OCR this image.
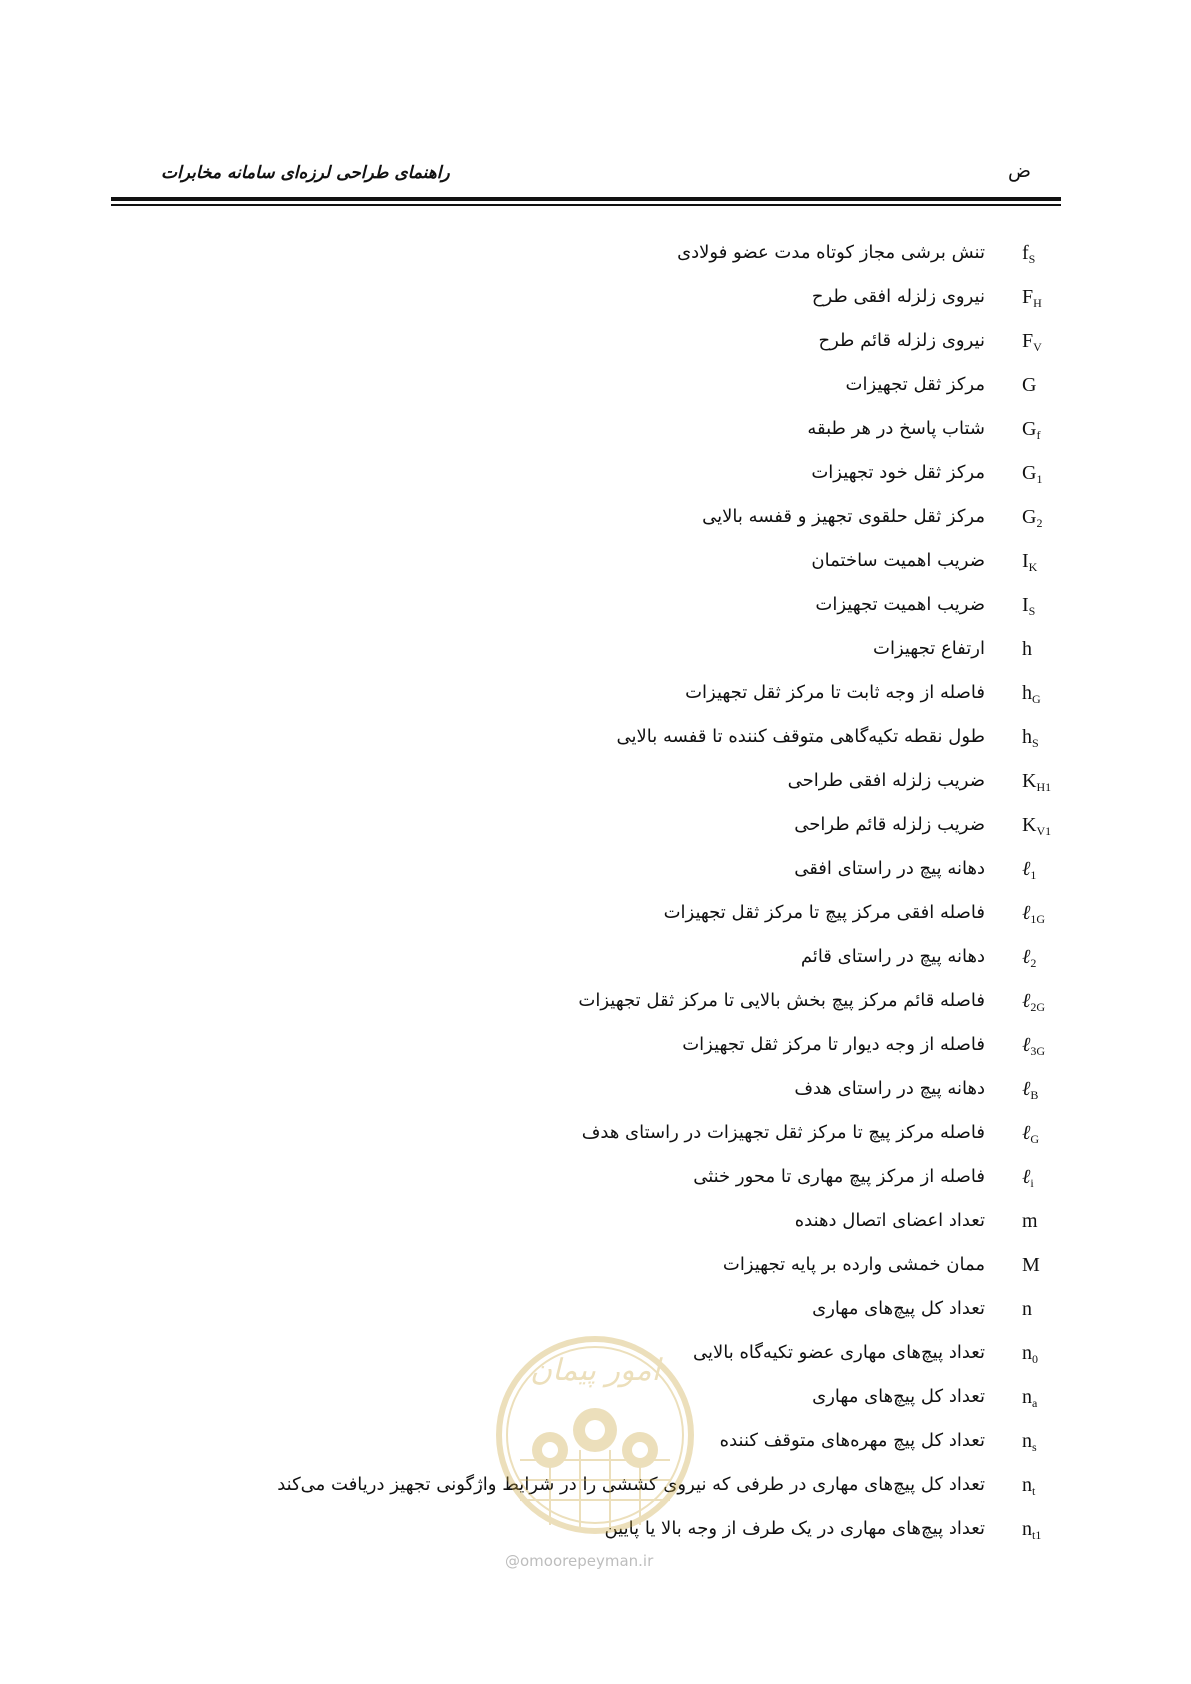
راهنمای طراحی لرزه‌ای سامانه مخابرات	ض
$f_S$
تنش برشی مجاز کوتاه مدت عضو فولادی
$F_H$
نیروی زلزله افقی طرح
$F_V$
نیروی زلزله قائم طرح
G
مرکز ثقل تجهیزات
$G_f$
شتاب پاسخ در هر طبقه
$G_1$
مرکز ثقل خود تجهیزات
$G_2$
مرکز ثقل حلقوی تجهیز و قفسه بالایی
$I_K$
ضریب اهمیت ساختمان
$I_S$
ضریب اهمیت تجهیزات
h
ارتفاع تجهیزات
$h_G$
فاصله از وجه ثابت تا مرکز ثقل تجهیزات
$h_S$
طول نقطه تکیه‌گاهی متوقف کننده تا قفسه بالایی
$K_{H1}$
ضریب زلزله افقی طراحی
$K_{V1}$
ضریب زلزله قائم طراحی
ℓ$_1$
دهانه پیچ در راستای افقی
ℓ$_{1G}$
فاصله افقی مرکز پیچ تا مرکز ثقل تجهیزات
ℓ$_2$
دهانه پیچ در راستای قائم
ℓ$_{2G}$
فاصله قائم مرکز پیچ بخش بالایی تا مرکز ثقل تجهیزات
ℓ$_{3G}$
فاصله از وجه دیوار تا مرکز ثقل تجهیزات
ℓ$_B$
دهانه پیچ در راستای هدف
ℓ$_G$
فاصله مرکز پیچ تا مرکز ثقل تجهیزات در راستای هدف
ℓ$_i$
فاصله از مرکز پیچ مهاری تا محور خنثی
m
تعداد اعضای اتصال دهنده
M
ممان خمشی وارده بر پایه تجهیزات
n
تعداد کل پیچ‌های مهاری
$n_0$
تعداد پیچ‌های مهاری عضو تکیه‌گاه بالایی
$n_a$
تعداد کل پیچ‌های مهاری
$n_s$
تعداد کل پیچ مهره‌های متوقف کننده
$n_t$
تعداد کل پیچ‌های مهاری در طرفی که نیروی کششی را در شرایط واژگونی تجهیز دریافت می‌کند
$n_{t1}$
تعداد پیچ‌های مهاری در یک طرف از وجه بالا یا پایین
امور پیمان
@omoorepeyman.ir
